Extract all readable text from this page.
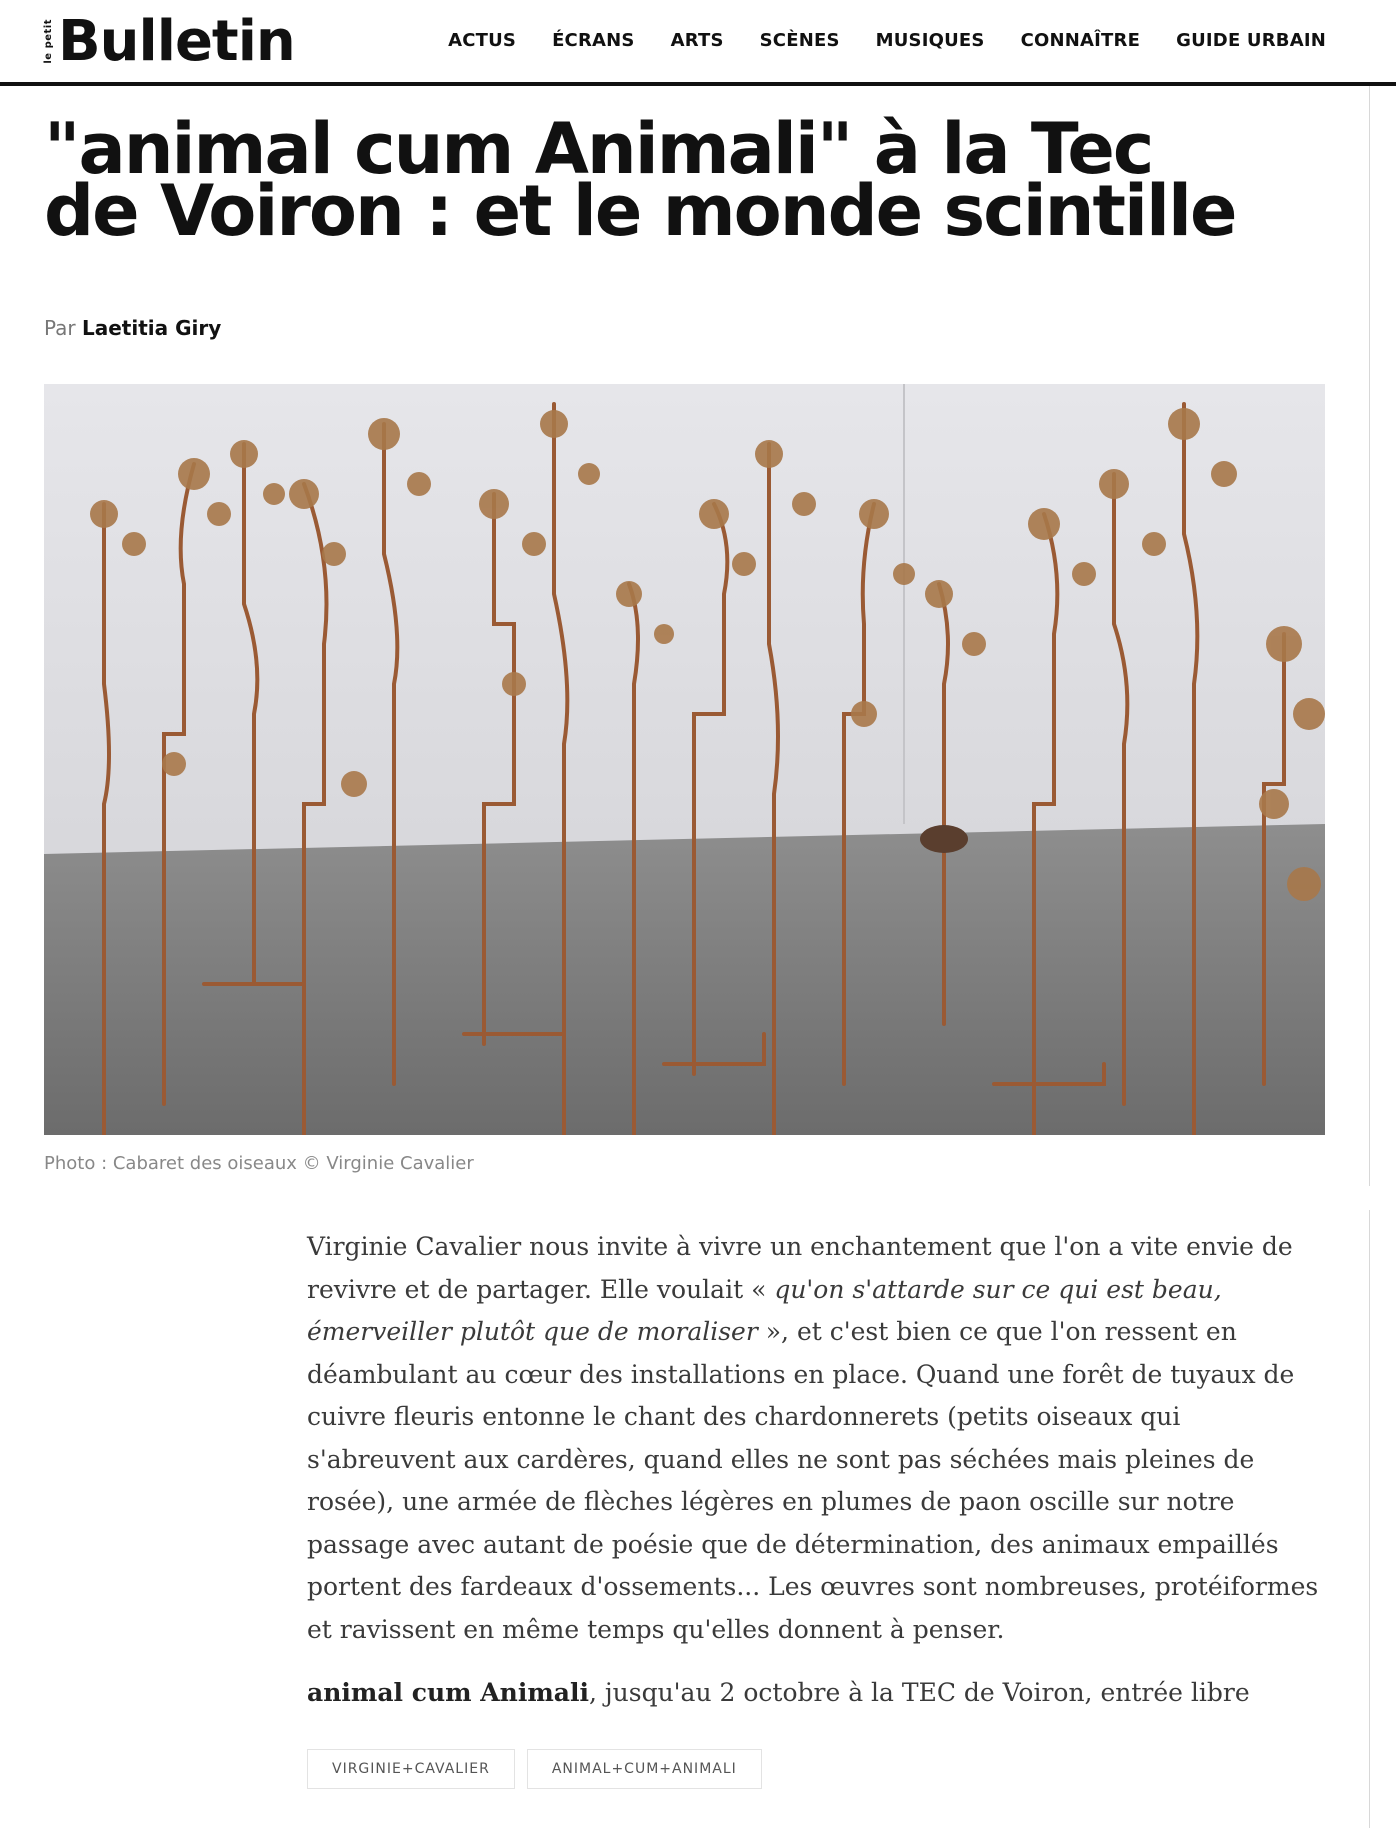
le petit Bulletin	ACTUS ÉCRANS ARTS SCÈNES MUSIQUES CONNAÎTRE GUIDE URBAIN
"animal cum Animali" à la Tec de Voiron : et le monde scintille
Par Laetitia Giry
Photo : Cabaret des oiseaux © Virginie Cavalier

Virginie Cavalier nous invite à vivre un enchantement que l'on a vite envie de revivre et de partager. Elle voulait « qu'on s'attarde sur ce qui est beau, émerveiller plutôt que de moraliser », et c'est bien ce que l'on ressent en déambulant au cœur des installations en place. Quand une forêt de tuyaux de cuivre fleuris entonne le chant des chardonnerets (petits oiseaux qui s'abreuvent aux cardères, quand elles ne sont pas séchées mais pleines de rosée), une armée de flèches légères en plumes de paon oscille sur notre passage avec autant de poésie que de détermination, des animaux empaillés portent des fardeaux d'ossements... Les œuvres sont nombreuses, protéiformes et ravissent en même temps qu'elles donnent à penser.

animal cum Animali, jusqu'au 2 octobre à la TEC de Voiron, entrée libre

VIRGINIE+CAVALIER	ANIMAL+CUM+ANIMALI
